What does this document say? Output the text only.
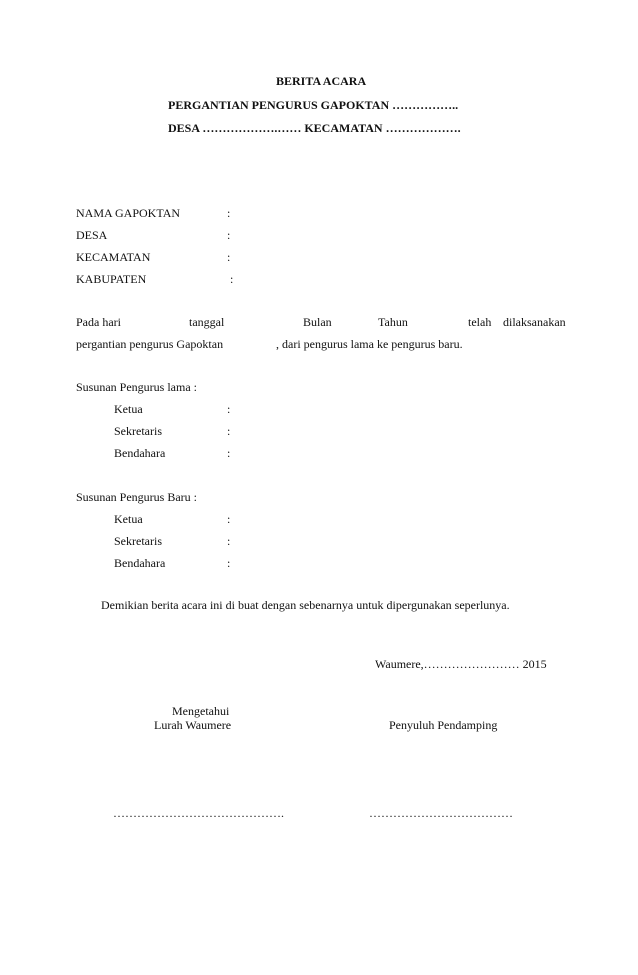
BERITA ACARA
PERGANTIAN PENGURUS GAPOKTAN ……………..
DESA ……………….…… KECAMATAN ……………….
NAMA GAPOKTAN	:
DESA	:
KECAMATAN	:
KABUPATEN	:
Pada hari	tanggal	Bulan	Tahun	telah dilaksanakan
pergantian pengurus Gapoktan	, dari pengurus lama ke pengurus baru.
Susunan Pengurus lama :
Ketua	:
Sekretaris	:
Bendahara	:
Susunan Pengurus Baru :
Ketua	:
Sekretaris	:
Bendahara	:
Demikian berita acara ini di buat dengan sebenarnya untuk dipergunakan seperlunya.
Waumere,…………………… 2015
Mengetahui
Lurah Waumere	Penyuluh Pendamping
…………………………………….	………………………………
